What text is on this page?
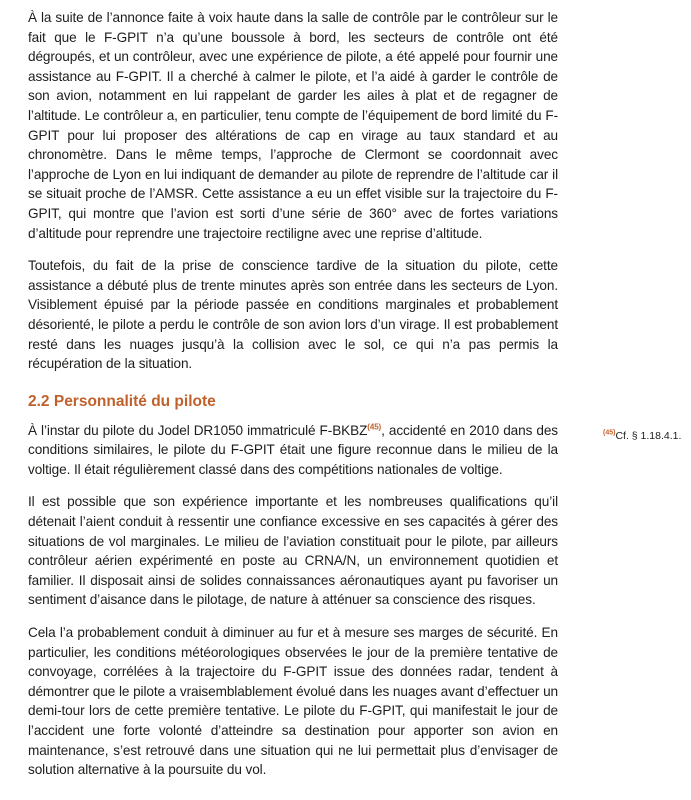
À la suite de l’annonce faite à voix haute dans la salle de contrôle par le contrôleur sur le fait que le F-GPIT n’a qu’une boussole à bord, les secteurs de contrôle ont été dégroupés, et un contrôleur, avec une expérience de pilote, a été appelé pour fournir une assistance au F-GPIT. Il a cherché à calmer le pilote, et l’a aidé à garder le contrôle de son avion, notamment en lui rappelant de garder les ailes à plat et de regagner de l’altitude. Le contrôleur a, en particulier, tenu compte de l’équipement de bord limité du F-GPIT pour lui proposer des altérations de cap en virage au taux standard et au chronomètre. Dans le même temps, l’approche de Clermont se coordonnait avec l’approche de Lyon en lui indiquant de demander au pilote de reprendre de l’altitude car il se situait proche de l’AMSR. Cette assistance a eu un effet visible sur la trajectoire du F-GPIT, qui montre que l’avion est sorti d’une série de 360° avec de fortes variations d’altitude pour reprendre une trajectoire rectiligne avec une reprise d’altitude.

Toutefois, du fait de la prise de conscience tardive de la situation du pilote, cette assistance a débuté plus de trente minutes après son entrée dans les secteurs de Lyon. Visiblement épuisé par la période passée en conditions marginales et probablement désorienté, le pilote a perdu le contrôle de son avion lors d’un virage. Il est probablement resté dans les nuages jusqu’à la collision avec le sol, ce qui n’a pas permis la récupération de la situation.

2.2 Personnalité du pilote

À l’instar du pilote du Jodel DR1050 immatriculé F-BKBZ$^{(45)}$, accidenté en 2010 dans des conditions similaires, le pilote du F-GPIT était une figure reconnue dans le milieu de la voltige. Il était régulièrement classé dans des compétitions nationales de voltige.

Il est possible que son expérience importante et les nombreuses qualifications qu’il détenait l’aient conduit à ressentir une confiance excessive en ses capacités à gérer des situations de vol marginales. Le milieu de l’aviation constituait pour le pilote, par ailleurs contrôleur aérien expérimenté en poste au CRNA/N, un environnement quotidien et familier. Il disposait ainsi de solides connaissances aéronautiques ayant pu favoriser un sentiment d’aisance dans le pilotage, de nature à atténuer sa conscience des risques.

Cela l’a probablement conduit à diminuer au fur et à mesure ses marges de sécurité. En particulier, les conditions météorologiques observées le jour de la première tentative de convoyage, corrélées à la trajectoire du F-GPIT issue des données radar, tendent à démontrer que le pilote a vraisemblablement évolué dans les nuages avant d’effectuer un demi-tour lors de cette première tentative. Le pilote du F-GPIT, qui manifestait le jour de l’accident une forte volonté d’atteindre sa destination pour apporter son avion en maintenance, s’est retrouvé dans une situation qui ne lui permettait plus d’envisager de solution alternative à la poursuite du vol.

$^{(45)}$Cf. § 1.18.4.1.
